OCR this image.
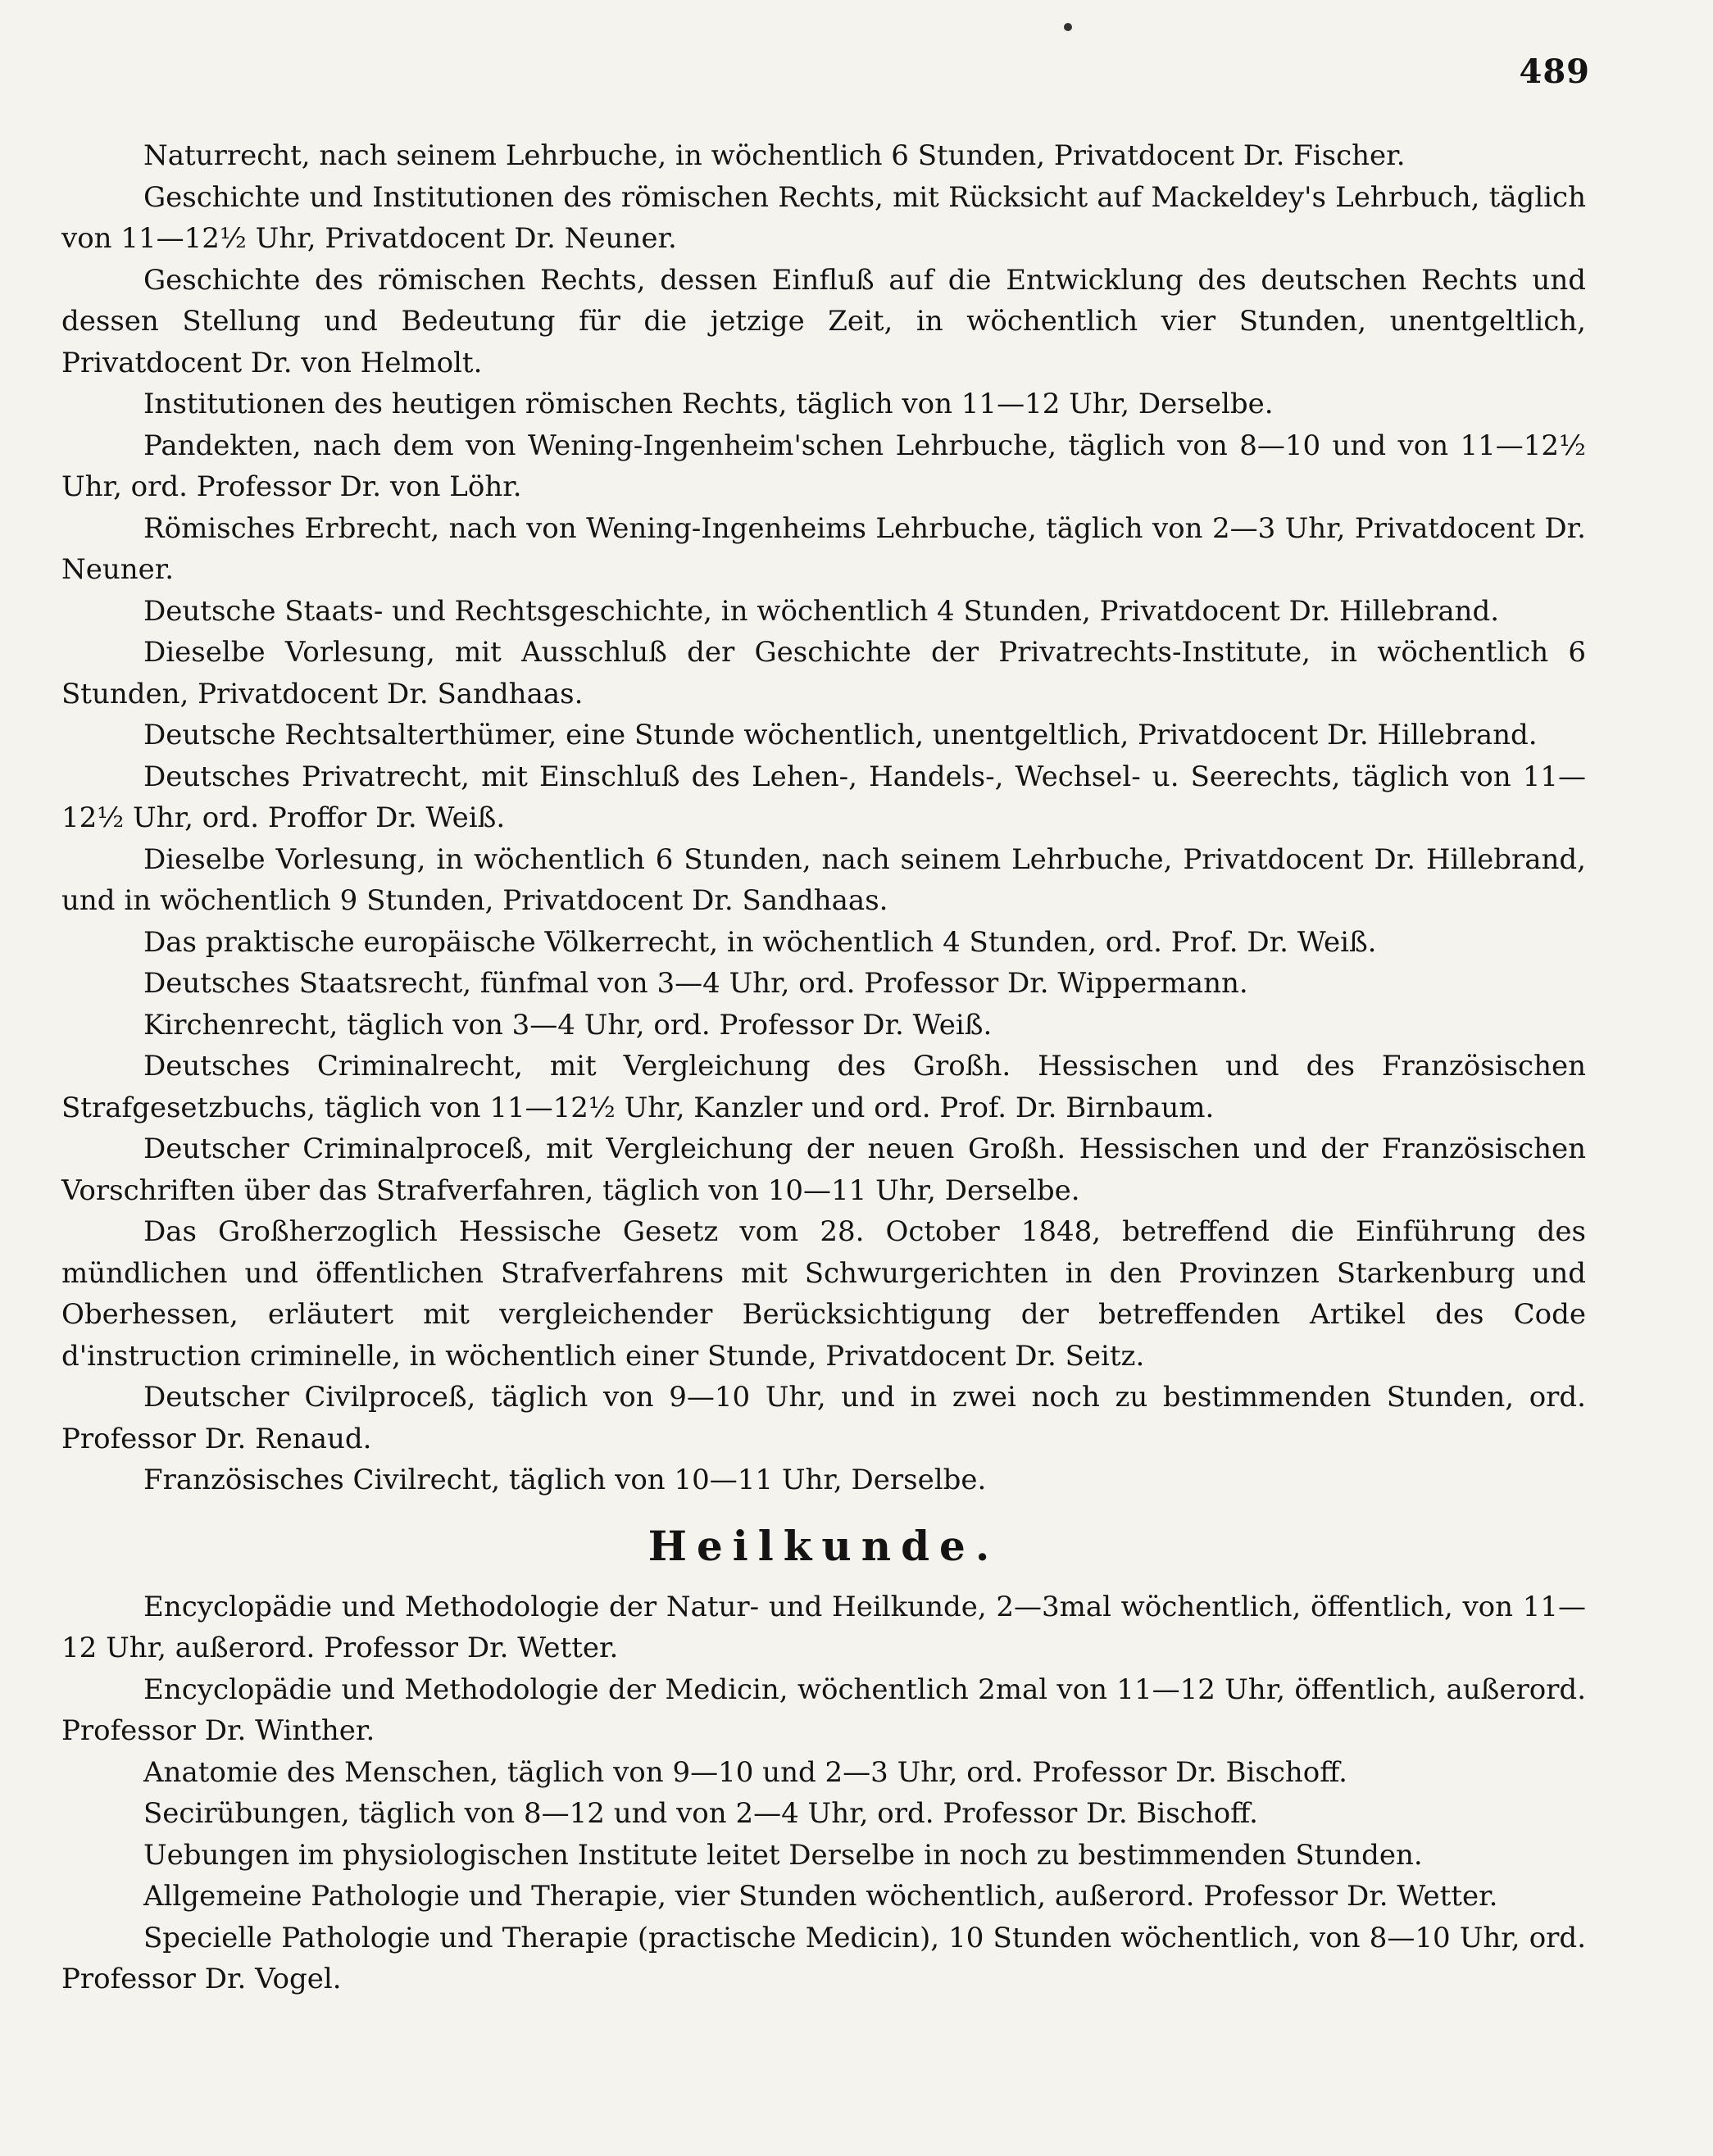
489

Naturrecht, nach seinem Lehrbuche, in wöchentlich 6 Stunden, Privatdocent Dr. Fischer.

Geschichte und Institutionen des römischen Rechts, mit Rücksicht auf Mackeldey's Lehrbuch, täglich von 11—12½ Uhr, Privatdocent Dr. Neuner.

Geschichte des römischen Rechts, dessen Einfluß auf die Entwicklung des deutschen Rechts und dessen Stellung und Bedeutung für die jetzige Zeit, in wöchentlich vier Stunden, unentgeltlich, Privatdocent Dr. von Helmolt.

Institutionen des heutigen römischen Rechts, täglich von 11—12 Uhr, Derselbe.

Pandekten, nach dem von Wening-Ingenheim'schen Lehrbuche, täglich von 8—10 und von 11—12½ Uhr, ord. Professor Dr. von Löhr.

Römisches Erbrecht, nach von Wening-Ingenheims Lehrbuche, täglich von 2—3 Uhr, Privatdocent Dr. Neuner.

Deutsche Staats- und Rechtsgeschichte, in wöchentlich 4 Stunden, Privatdocent Dr. Hillebrand.

Dieselbe Vorlesung, mit Ausschluß der Geschichte der Privatrechts-Institute, in wöchentlich 6 Stunden, Privatdocent Dr. Sandhaas.

Deutsche Rechtsalterthümer, eine Stunde wöchentlich, unentgeltlich, Privatdocent Dr. Hillebrand.

Deutsches Privatrecht, mit Einschluß des Lehen-, Handels-, Wechsel- u. Seerechts, täglich von 11—12½ Uhr, ord. Proffor Dr. Weiß.

Dieselbe Vorlesung, in wöchentlich 6 Stunden, nach seinem Lehrbuche, Privatdocent Dr. Hillebrand, und in wöchentlich 9 Stunden, Privatdocent Dr. Sandhaas.

Das praktische europäische Völkerrecht, in wöchentlich 4 Stunden, ord. Prof. Dr. Weiß.

Deutsches Staatsrecht, fünfmal von 3—4 Uhr, ord. Professor Dr. Wippermann.

Kirchenrecht, täglich von 3—4 Uhr, ord. Professor Dr. Weiß.

Deutsches Criminalrecht, mit Vergleichung des Großh. Hessischen und des Französischen Strafgesetzbuchs, täglich von 11—12½ Uhr, Kanzler und ord. Prof. Dr. Birnbaum.

Deutscher Criminalproceß, mit Vergleichung der neuen Großh. Hessischen und der Französischen Vorschriften über das Strafverfahren, täglich von 10—11 Uhr, Derselbe.

Das Großherzoglich Hessische Gesetz vom 28. October 1848, betreffend die Einführung des mündlichen und öffentlichen Strafverfahrens mit Schwurgerichten in den Provinzen Starkenburg und Oberhessen, erläutert mit vergleichender Berücksichtigung der betreffenden Artikel des Code d'instruction criminelle, in wöchentlich einer Stunde, Privatdocent Dr. Seitz.

Deutscher Civilproceß, täglich von 9—10 Uhr, und in zwei noch zu bestimmenden Stunden, ord. Professor Dr. Renaud.

Französisches Civilrecht, täglich von 10—11 Uhr, Derselbe.

Heilkunde.

Encyclopädie und Methodologie der Natur- und Heilkunde, 2—3mal wöchentlich, öffentlich, von 11—12 Uhr, außerord. Professor Dr. Wetter.

Encyclopädie und Methodologie der Medicin, wöchentlich 2mal von 11—12 Uhr, öffentlich, außerord. Professor Dr. Winther.

Anatomie des Menschen, täglich von 9—10 und 2—3 Uhr, ord. Professor Dr. Bischoff.

Secirübungen, täglich von 8—12 und von 2—4 Uhr, ord. Professor Dr. Bischoff.

Uebungen im physiologischen Institute leitet Derselbe in noch zu bestimmenden Stunden.

Allgemeine Pathologie und Therapie, vier Stunden wöchentlich, außerord. Professor Dr. Wetter.

Specielle Pathologie und Therapie (practische Medicin), 10 Stunden wöchentlich, von 8—10 Uhr, ord. Professor Dr. Vogel.
